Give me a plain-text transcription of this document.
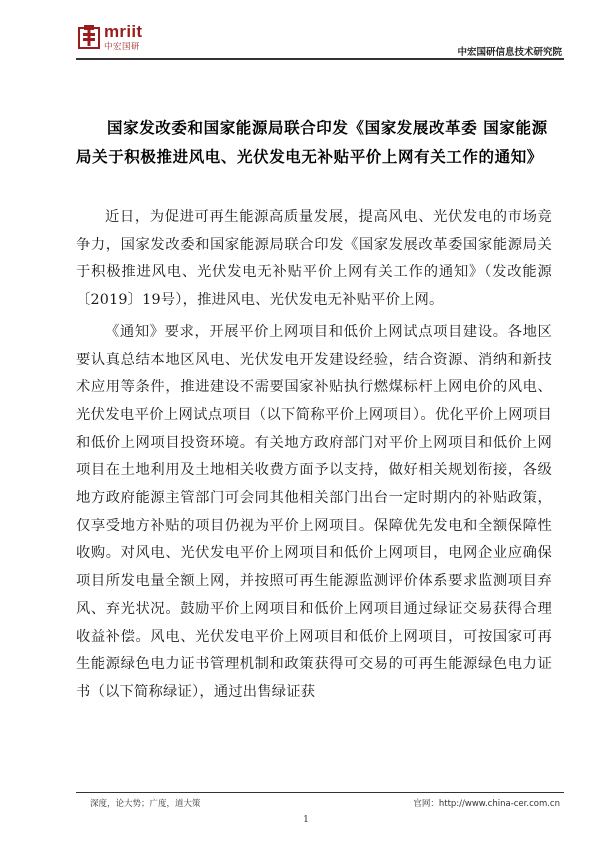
mriit
中宏国研	中宏国研信息技术研究院
国家发改委和国家能源局联合印发《国家发展改革委 国家能源局关于积极推进风电、光伏发电无补贴平价上网有关工作的通知》

近日，为促进可再生能源高质量发展，提高风电、光伏发电的市场竞争力，国家发改委和国家能源局联合印发《国家发展改革委国家能源局关于积极推进风电、光伏发电无补贴平价上网有关工作的通知》（发改能源〔2019〕19号），推进风电、光伏发电无补贴平价上网。

《通知》要求，开展平价上网项目和低价上网试点项目建设。各地区要认真总结本地区风电、光伏发电开发建设经验，结合资源、消纳和新技术应用等条件，推进建设不需要国家补贴执行燃煤标杆上网电价的风电、光伏发电平价上网试点项目（以下简称平价上网项目）。优化平价上网项目和低价上网项目投资环境。有关地方政府部门对平价上网项目和低价上网项目在土地利用及土地相关收费方面予以支持，做好相关规划衔接，各级地方政府能源主管部门可会同其他相关部门出台一定时期内的补贴政策，仅享受地方补贴的项目仍视为平价上网项目。保障优先发电和全额保障性收购。对风电、光伏发电平价上网项目和低价上网项目，电网企业应确保项目所发电量全额上网，并按照可再生能源监测评价体系要求监测项目弃风、弃光状况。鼓励平价上网项目和低价上网项目通过绿证交易获得合理收益补偿。风电、光伏发电平价上网项目和低价上网项目，可按国家可再生能源绿色电力证书管理机制和政策获得可交易的可再生能源绿色电力证书（以下简称绿证），通过出售绿证获

深度，论大势；广度，道大策	官网：http://www.china-cer.com.cn
1
